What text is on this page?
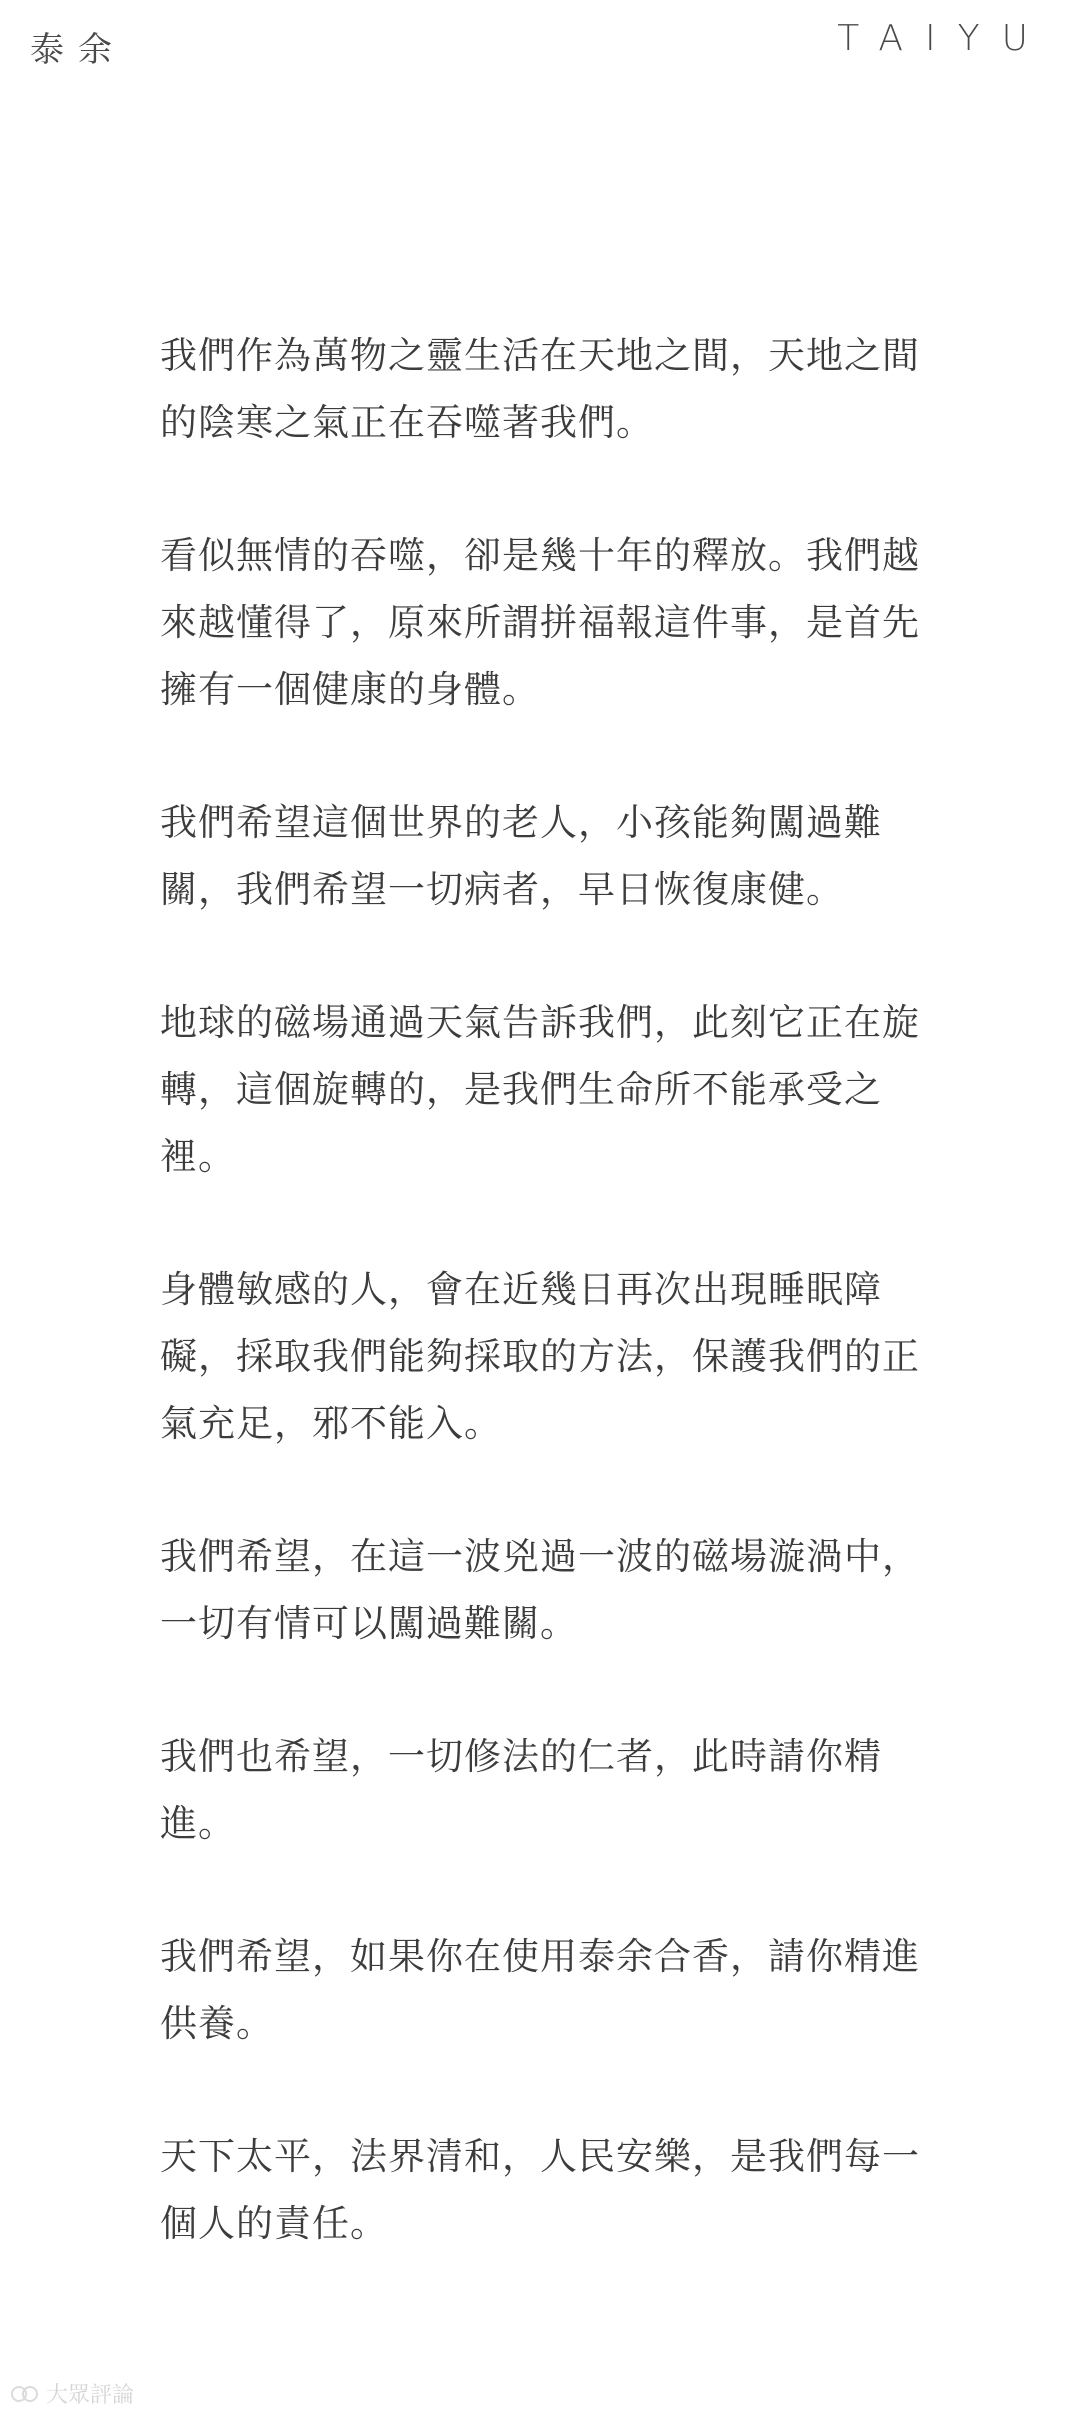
泰余	TAIYU

我們作為萬物之靈生活在天地之間，天地之間
的陰寒之氣正在吞噬著我們。

看似無情的吞噬，卻是幾十年的釋放。我們越
來越懂得了，原來所謂拼福報這件事，是首先
擁有一個健康的身體。

我們希望這個世界的老人，小孩能夠闖過難
關，我們希望一切病者，早日恢復康健。

地球的磁場通過天氣告訴我們，此刻它正在旋
轉，這個旋轉的，是我們生命所不能承受之
裡。

身體敏感的人，會在近幾日再次出現睡眠障
礙，採取我們能夠採取的方法，保護我們的正
氣充足，邪不能入。

我們希望，在這一波兇過一波的磁場漩渦中，
一切有情可以闖過難關。

我們也希望，一切修法的仁者，此時請你精
進。

我們希望，如果你在使用泰余合香，請你精進
供養。

天下太平，法界清和，人民安樂，是我們每一
個人的責任。

大眾評論
